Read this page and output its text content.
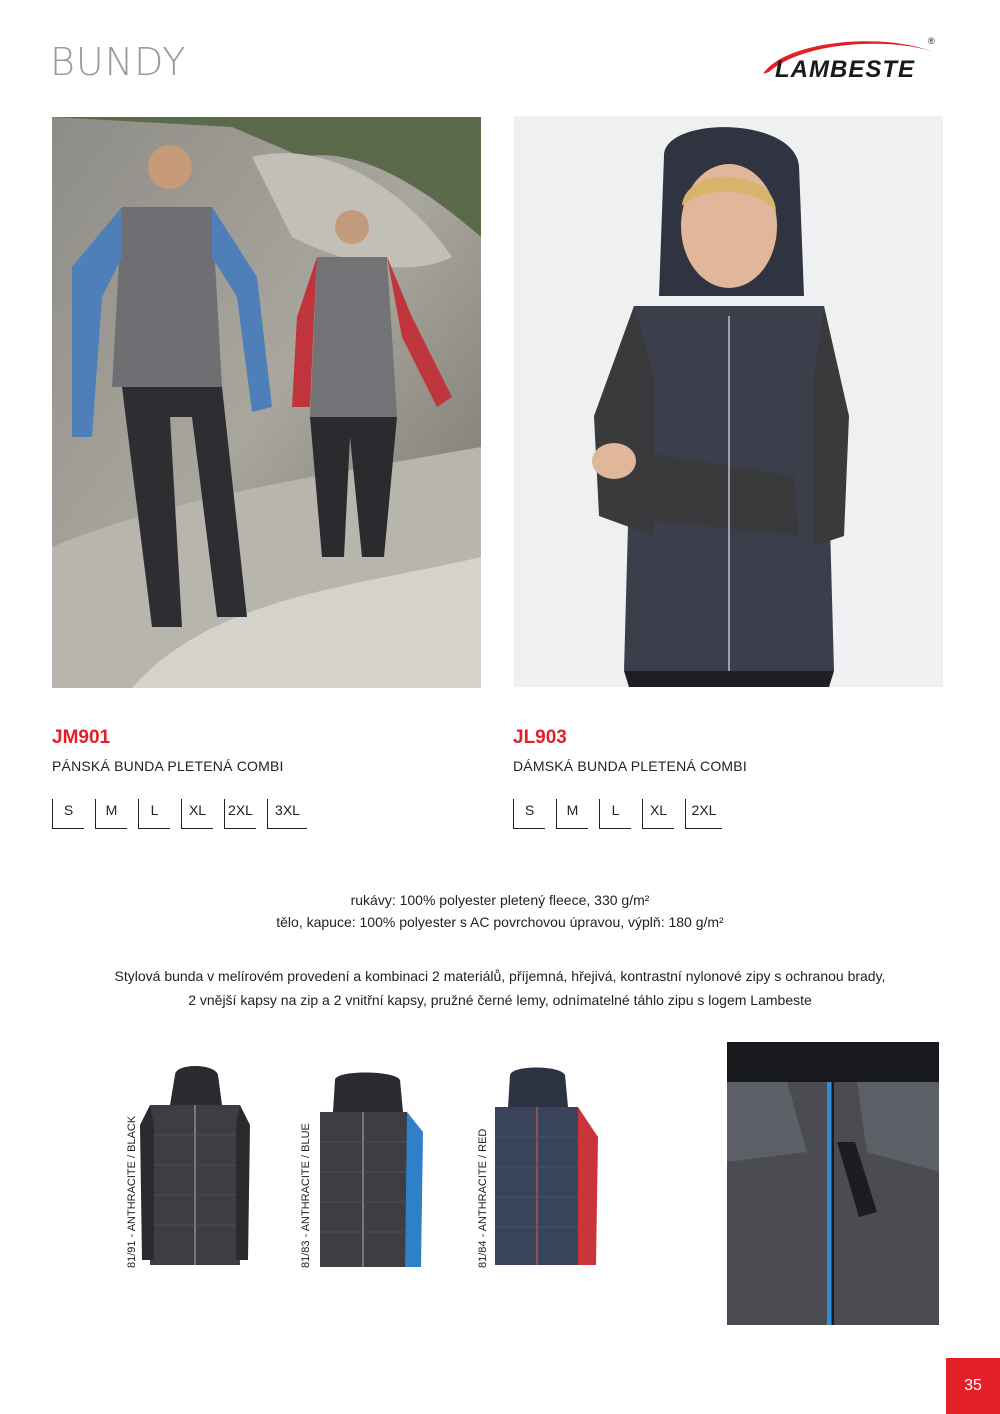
BUNDY	LAMBESTE
®
JM901
PÁNSKÁ BUNDA PLETENÁ COMBI
S	M	L	XL	2XL	3XL
JL903
DÁMSKÁ BUNDA PLETENÁ COMBI
S	M	L	XL	2XL
rukávy: 100% polyester pletený fleece, 330 g/m²
tělo, kapuce: 100% polyester s AC povrchovou úpravou, výplň: 180 g/m²
Stylová bunda v melírovém provedení a kombinaci 2 materiálů, příjemná, hřejivá, kontrastní nylonové zipy s ochranou brady,
2 vnější kapsy na zip a 2 vnitřní kapsy, pružné černé lemy, odnímatelné táhlo zipu s logem Lambeste
81/91 - ANTHRACITE / BLACK	81/83 - ANTHRACITE / BLUE	81/84 - ANTHRACITE / RED
35
